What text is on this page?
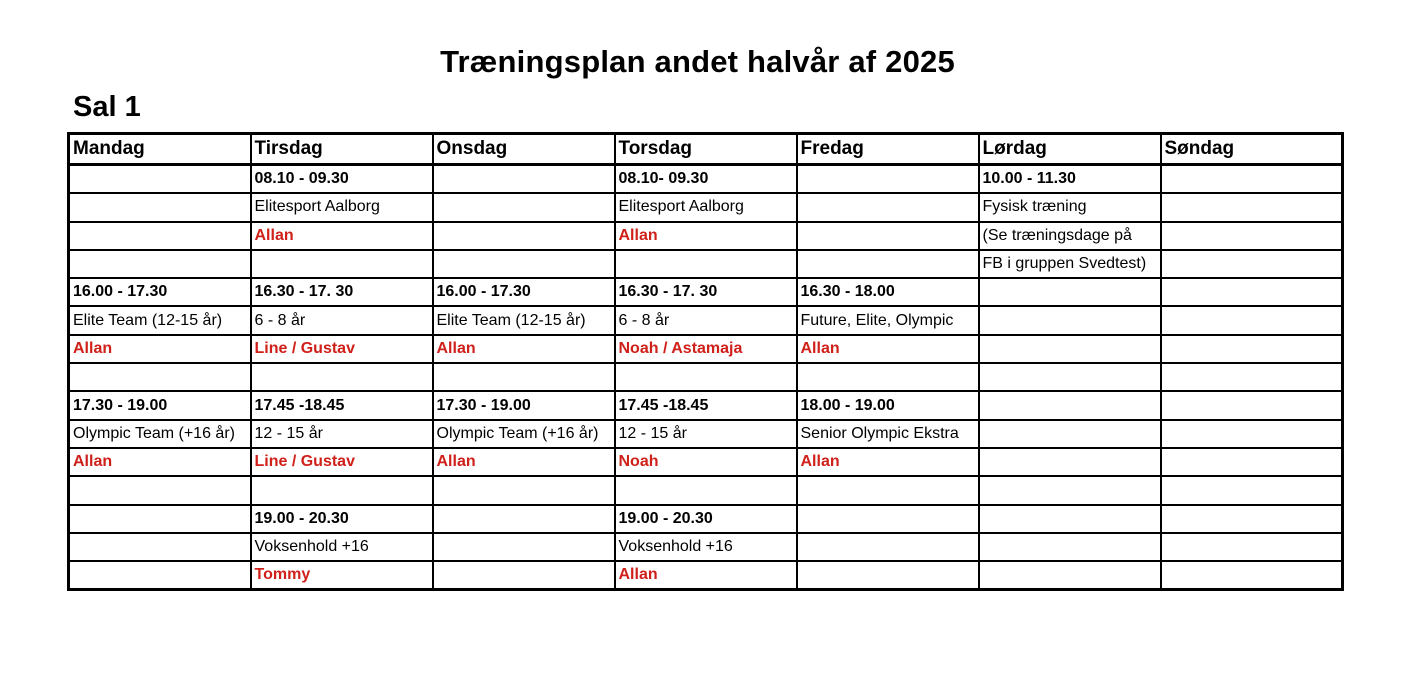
Træningsplan andet halvår af 2025
Sal 1
Mandag	Tirsdag	Onsdag	Torsdag	Fredag	Lørdag	Søndag
	08.10 - 09.30		08.10- 09.30		10.00 - 11.30	
	Elitesport Aalborg		Elitesport Aalborg		Fysisk træning	
	Allan		Allan		(Se træningsdage på	
					FB i gruppen Svedtest)	
16.00 - 17.30	16.30 - 17. 30	16.00 - 17.30	16.30 - 17. 30	16.30 - 18.00		
Elite Team (12-15 år)	6 - 8 år	Elite Team (12-15 år)	6 - 8 år	Future, Elite, Olympic		
Allan	Line / Gustav	Allan	Noah / Astamaja	Allan		

17.30 - 19.00	17.45 -18.45	17.30 - 19.00	17.45 -18.45	18.00 - 19.00		
Olympic Team (+16 år)	12 - 15 år	Olympic Team (+16 år)	12 - 15 år	Senior Olympic Ekstra		
Allan	Line / Gustav	Allan	Noah	Allan		

	19.00 - 20.30		19.00 - 20.30			
	Voksenhold +16		Voksenhold +16			
	Tommy		Allan			
